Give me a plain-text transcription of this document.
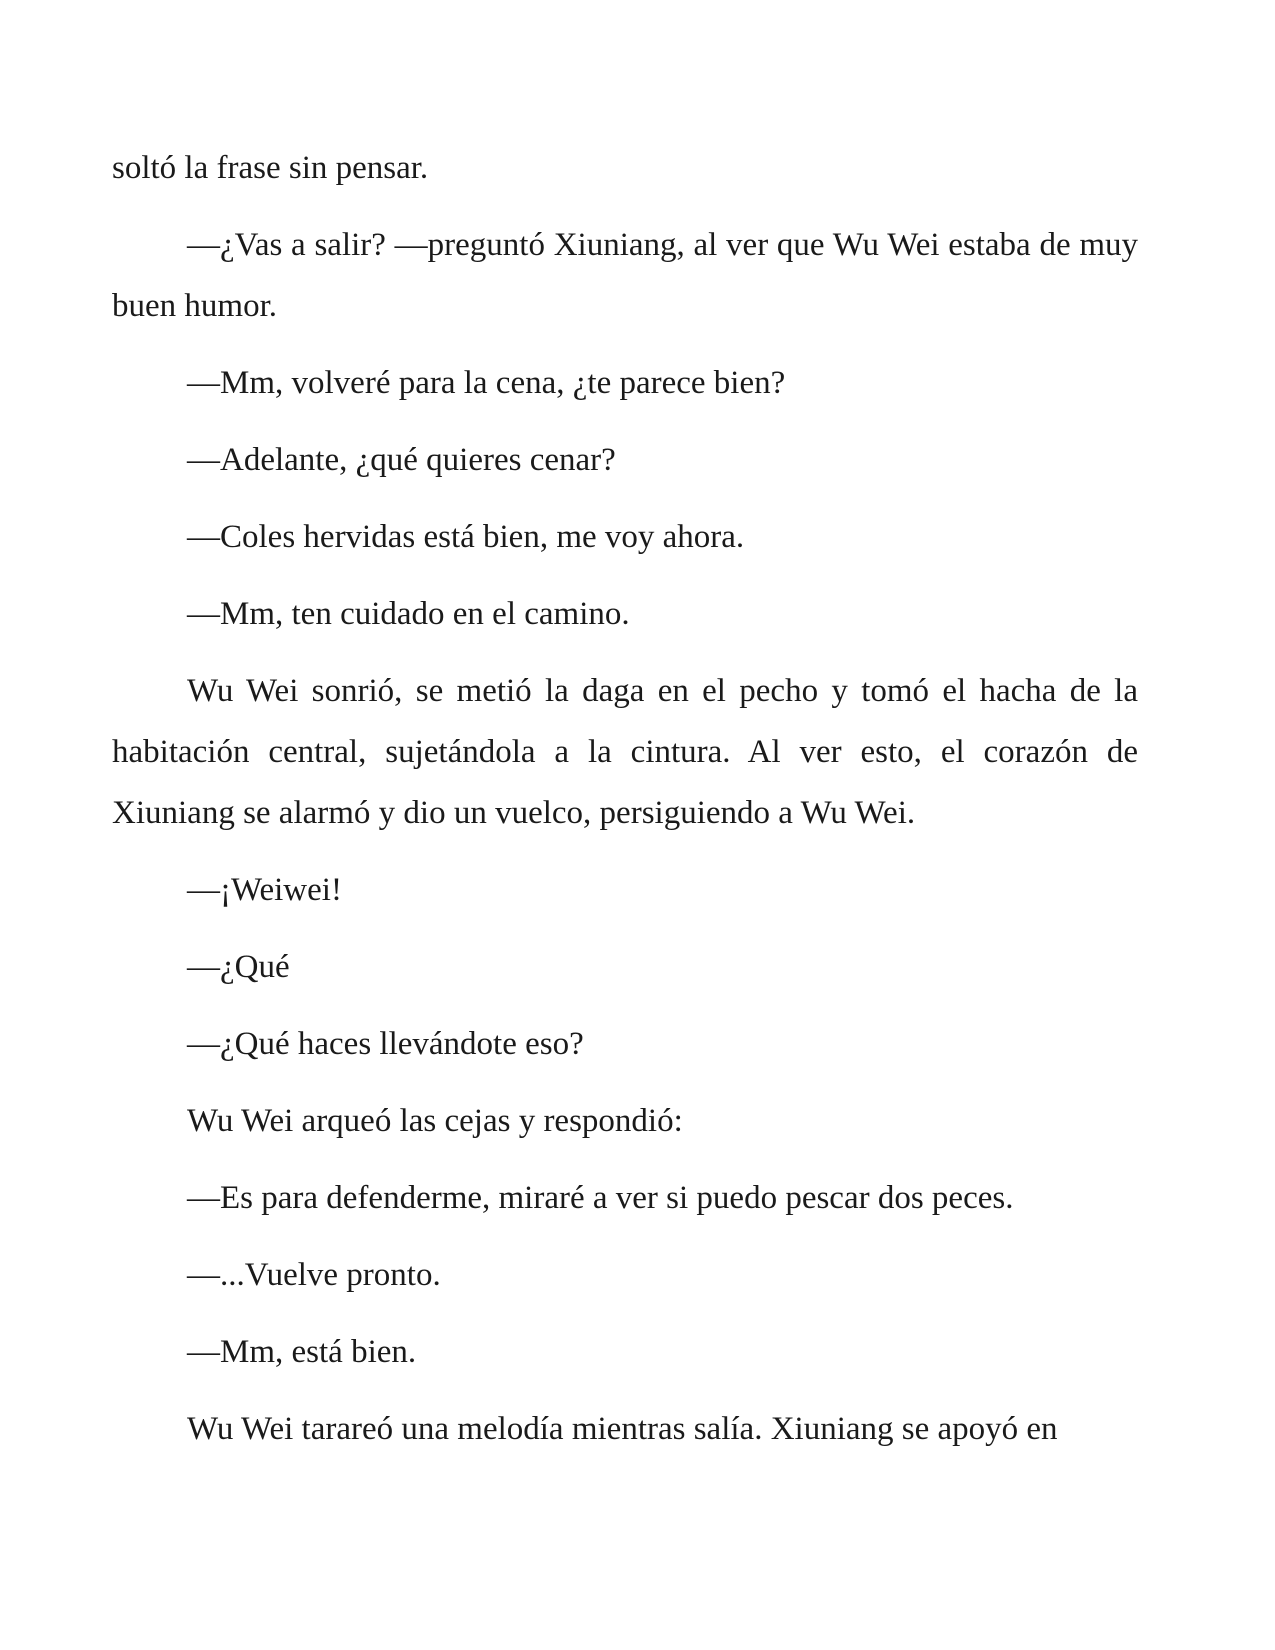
soltó la frase sin pensar.

—¿Vas a salir? —preguntó Xiuniang, al ver que Wu Wei estaba de muy buen humor.

—Mm, volveré para la cena, ¿te parece bien?

—Adelante, ¿qué quieres cenar?

—Coles hervidas está bien, me voy ahora.

—Mm, ten cuidado en el camino.

Wu Wei sonrió, se metió la daga en el pecho y tomó el hacha de la habitación central, sujetándola a la cintura. Al ver esto, el corazón de Xiuniang se alarmó y dio un vuelco, persiguiendo a Wu Wei.

—¡Weiwei!

—¿Qué

—¿Qué haces llevándote eso?

Wu Wei arqueó las cejas y respondió:

—Es para defenderme, miraré a ver si puedo pescar dos peces.

—...Vuelve pronto.

—Mm, está bien.

Wu Wei tarareó una melodía mientras salía. Xiuniang se apoyó en
